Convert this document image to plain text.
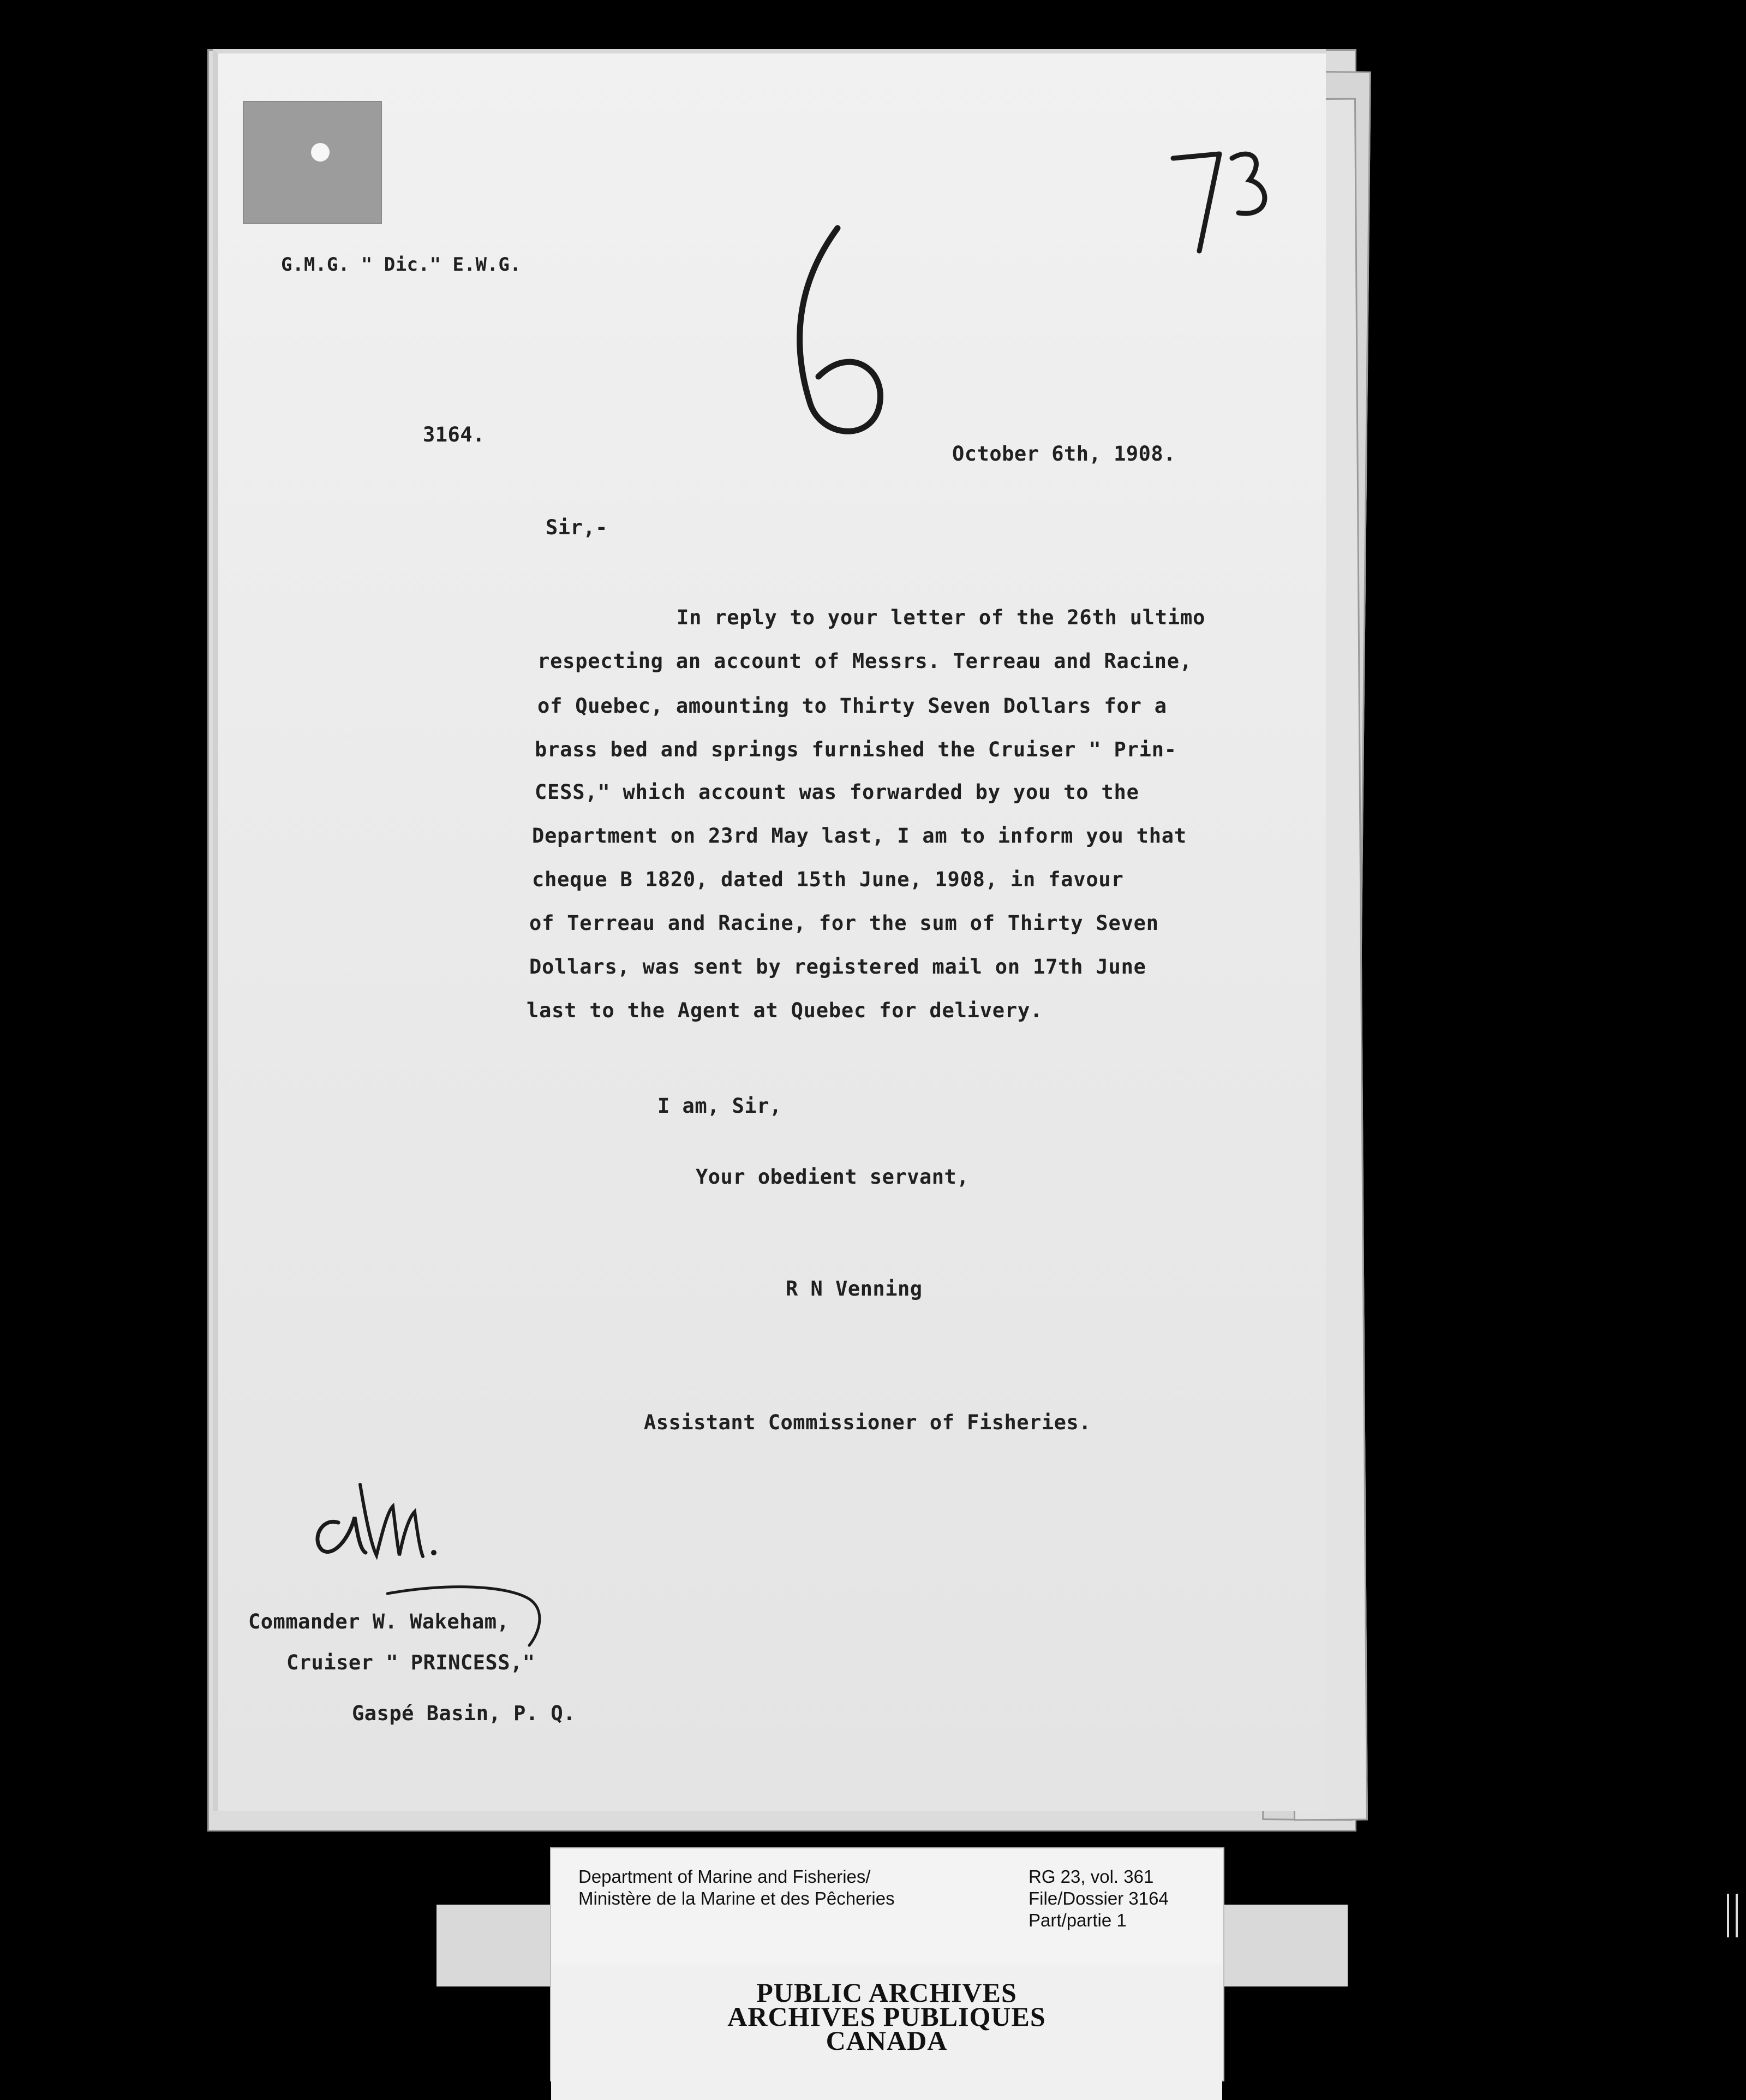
G.M.G. " Dic." E.W.G.
3164.
October 6th, 1908.
Sir,-
In reply to your letter of the 26th ultimo
respecting an account of Messrs. Terreau and Racine,
of Quebec, amounting to Thirty Seven Dollars for a
brass bed and springs furnished the Cruiser " Prin-
CESS," which account was forwarded by you to the
Department on 23rd May last, I am to inform you that
cheque B 1820, dated 15th June, 1908, in favour
of Terreau and Racine, for the sum of Thirty Seven
Dollars, was sent by registered mail on 17th June
last to the Agent at Quebec for delivery.
I am, Sir,
Your obedient servant,
R N Venning
Assistant Commissioner of Fisheries.
Commander W. Wakeham,
Cruiser " PRINCESS,"
Gaspé Basin, P. Q.
Department of Marine and Fisheries/
Ministère de la Marine et des Pêcheries
RG 23, vol. 361
File/Dossier 3164
Part/partie 1
PUBLIC ARCHIVES
ARCHIVES PUBLIQUES
CANADA
